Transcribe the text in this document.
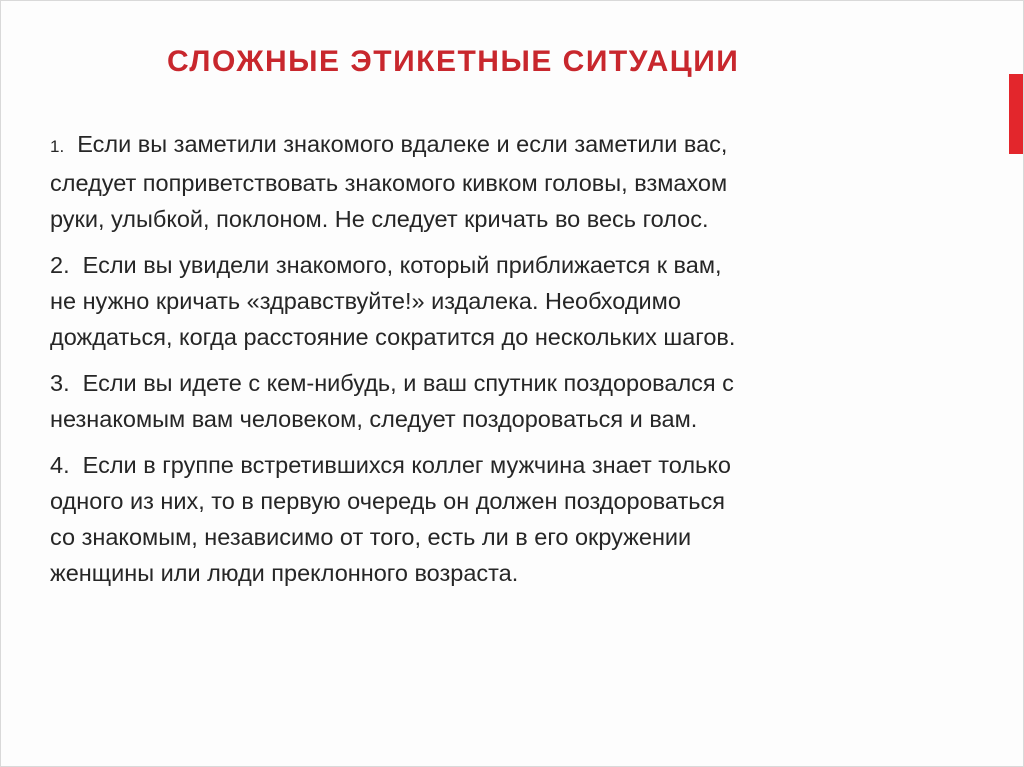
СЛОЖНЫЕ ЭТИКЕТНЫЕ СИТУАЦИИ

1. Если вы заметили знакомого вдалеке и если заметили вас,
следует поприветствовать знакомого кивком головы, взмахом
руки, улыбкой, поклоном. Не следует кричать во весь голос.

2. Если вы увидели знакомого, который приближается к вам,
не нужно кричать «здравствуйте!» издалека. Необходимо
дождаться, когда расстояние сократится до нескольких шагов.

3. Если вы идете с кем-нибудь, и ваш спутник поздоровался с
незнакомым вам человеком, следует поздороваться и вам.

4. Если в группе встретившихся коллег мужчина знает только
одного из них, то в первую очередь он должен поздороваться
со знакомым, независимо от того, есть ли в его окружении
женщины или люди преклонного возраста.
